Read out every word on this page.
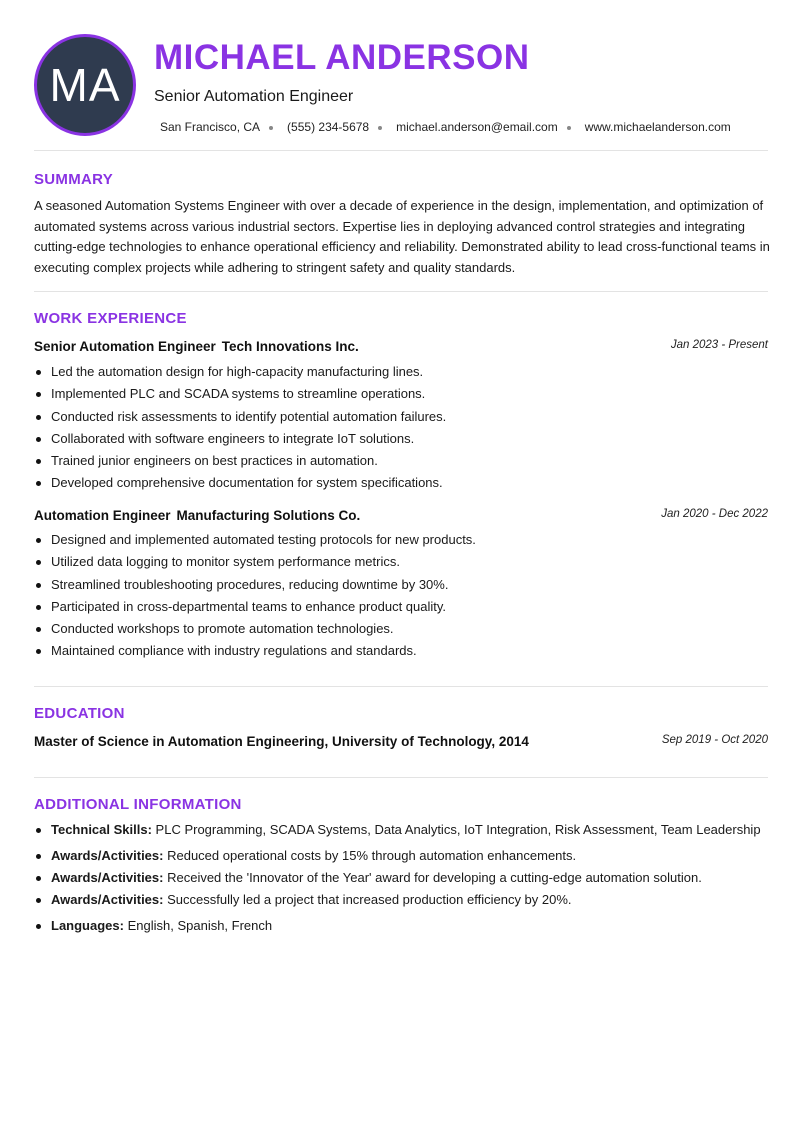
MA
MICHAEL ANDERSON
Senior Automation Engineer
San Francisco, CA (555) 234-5678 michael.anderson@email.com www.michaelanderson.com
SUMMARY

A seasoned Automation Systems Engineer with over a decade of experience in the design, implementation, and optimization of automated systems across various industrial sectors. Expertise lies in deploying advanced control strategies and integrating cutting-edge technologies to enhance operational efficiency and reliability. Demonstrated ability to lead cross-functional teams in executing complex projects while adhering to stringent safety and quality standards.

WORK EXPERIENCE
Senior Automation Engineer Tech Innovations Inc.	Jan 2023 - Present
Led the automation design for high-capacity manufacturing lines.
Implemented PLC and SCADA systems to streamline operations.
Conducted risk assessments to identify potential automation failures.
Collaborated with software engineers to integrate IoT solutions.
Trained junior engineers on best practices in automation.
Developed comprehensive documentation for system specifications.
Automation Engineer Manufacturing Solutions Co.	Jan 2020 - Dec 2022
Designed and implemented automated testing protocols for new products.
Utilized data logging to monitor system performance metrics.
Streamlined troubleshooting procedures, reducing downtime by 30%.
Participated in cross-departmental teams to enhance product quality.
Conducted workshops to promote automation technologies.
Maintained compliance with industry regulations and standards.
EDUCATION
Master of Science in Automation Engineering, University of Technology, 2014	Sep 2019 - Oct 2020
ADDITIONAL INFORMATION
Technical Skills: PLC Programming, SCADA Systems, Data Analytics, IoT Integration, Risk Assessment, Team Leadership
Awards/Activities: Reduced operational costs by 15% through automation enhancements.
Awards/Activities: Received the 'Innovator of the Year' award for developing a cutting-edge automation solution.
Awards/Activities: Successfully led a project that increased production efficiency by 20%.
Languages: English, Spanish, French
